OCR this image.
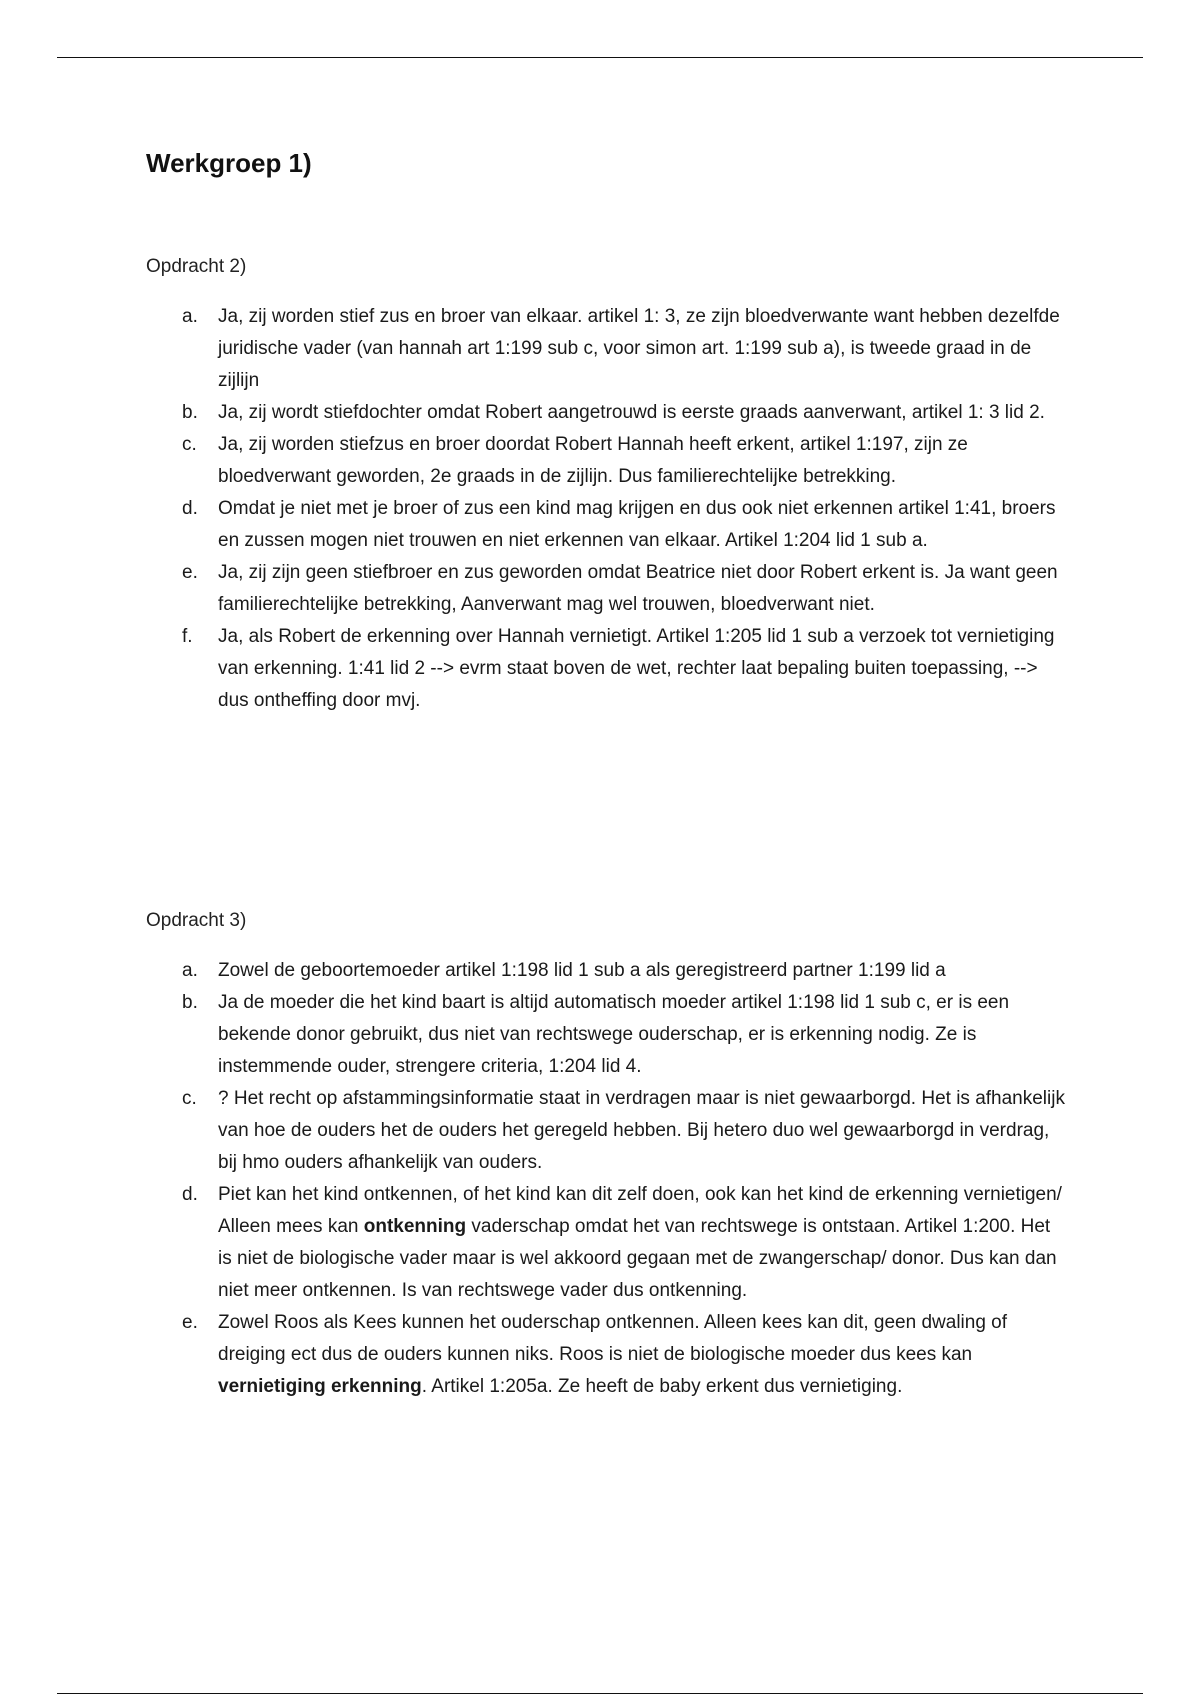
Werkgroep 1)
Opdracht 2)
a. Ja, zij worden stief zus en broer van elkaar. artikel 1: 3, ze zijn bloedverwante want hebben dezelfde juridische vader (van hannah art 1:199 sub c, voor simon art. 1:199 sub a), is tweede graad in de zijlijn
b. Ja, zij wordt stiefdochter omdat Robert aangetrouwd is eerste graads aanverwant, artikel 1: 3 lid 2.
c. Ja, zij worden stiefzus en broer doordat Robert Hannah heeft erkent, artikel 1:197, zijn ze bloedverwant geworden, 2e graads in de zijlijn. Dus familierechtelijke betrekking.
d. Omdat je niet met je broer of zus een kind mag krijgen en dus ook niet erkennen artikel 1:41, broers en zussen mogen niet trouwen en niet erkennen van elkaar. Artikel 1:204 lid 1 sub a.
e. Ja, zij zijn geen stiefbroer en zus geworden omdat Beatrice niet door Robert erkent is. Ja want geen familierechtelijke betrekking, Aanverwant mag wel trouwen, bloedverwant niet.
f. Ja, als Robert de erkenning over Hannah vernietigt. Artikel 1:205 lid 1 sub a verzoek tot vernietiging van erkenning. 1:41 lid 2 --> evrm staat boven de wet, rechter laat bepaling buiten toepassing, --> dus ontheffing door mvj.
Opdracht 3)
a. Zowel de geboortemoeder artikel 1:198 lid 1 sub a als geregistreerd partner 1:199 lid a
b. Ja de moeder die het kind baart is altijd automatisch moeder artikel 1:198 lid 1 sub c, er is een bekende donor gebruikt, dus niet van rechtswege ouderschap, er is erkenning nodig. Ze is instemmende ouder, strengere criteria, 1:204 lid 4.
c. ? Het recht op afstammingsinformatie staat in verdragen maar is niet gewaarborgd. Het is afhankelijk van hoe de ouders het de ouders het geregeld hebben. Bij hetero duo wel gewaarborgd in verdrag, bij hmo ouders afhankelijk van ouders.
d. Piet kan het kind ontkennen, of het kind kan dit zelf doen, ook kan het kind de erkenning vernietigen/ Alleen mees kan ontkenning vaderschap omdat het van rechtswege is ontstaan. Artikel 1:200. Het is niet de biologische vader maar is wel akkoord gegaan met de zwangerschap/ donor. Dus kan dan niet meer ontkennen. Is van rechtswege vader dus ontkenning.
e. Zowel Roos als Kees kunnen het ouderschap ontkennen. Alleen kees kan dit, geen dwaling of dreiging ect dus de ouders kunnen niks. Roos is niet de biologische moeder dus kees kan vernietiging erkenning. Artikel 1:205a. Ze heeft de baby erkent dus vernietiging.
